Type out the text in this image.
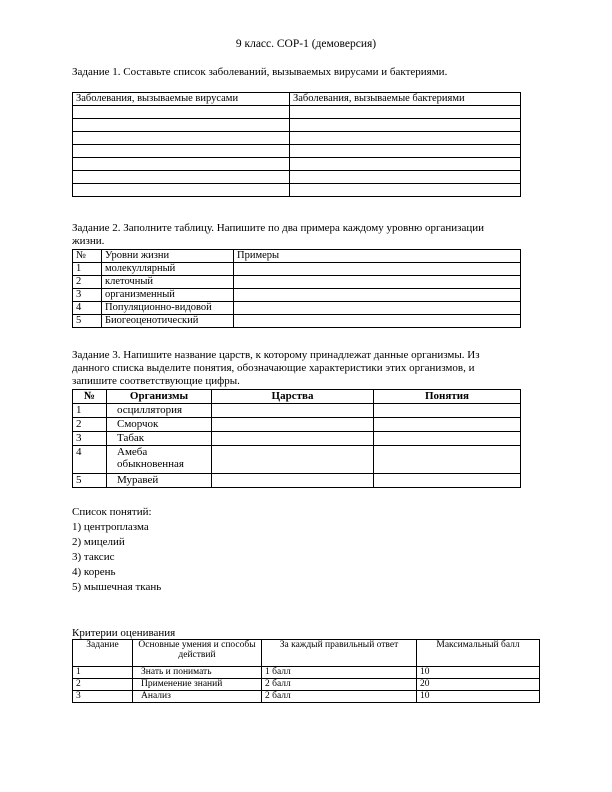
9 класс. СОР-1 (демоверсия)
Задание 1. Составьте список заболеваний, вызываемых вирусами и бактериями.
Заболевания, вызываемые вирусами	Заболевания, вызываемые бактериями

Задание 2. Заполните таблицу. Напишите по два примера каждому уровню организации
жизни.
№	Уровни жизни	Примеры
1	молекуллярный	
2	клеточный	
3	организменный	
4	Популяционно-видовой	
5	Биогеоценотический	
Задание 3. Напишите название царств, к которому принадлежат данные организмы. Из
данного списка выделите понятия, обозначающие характеристики этих организмов, и
запишите соответствующие цифры.
№	Организмы	Царства	Понятия
1	осциллятория		
2	Сморчок		
3	Табак		
4	Амеба обыкновенная		
5	Муравей		
Список понятий:
1) центроплазма
2) мицелий
3) таксис
4) корень
5) мышечная ткань
Критерии оценивания
Задание	Основные умения и способы действий	За каждый правильный ответ	Максимальный балл
1	Знать и понимать	1 балл	10
2	Применение знаний	2 балл	20
3	Анализ	2 балл	10
